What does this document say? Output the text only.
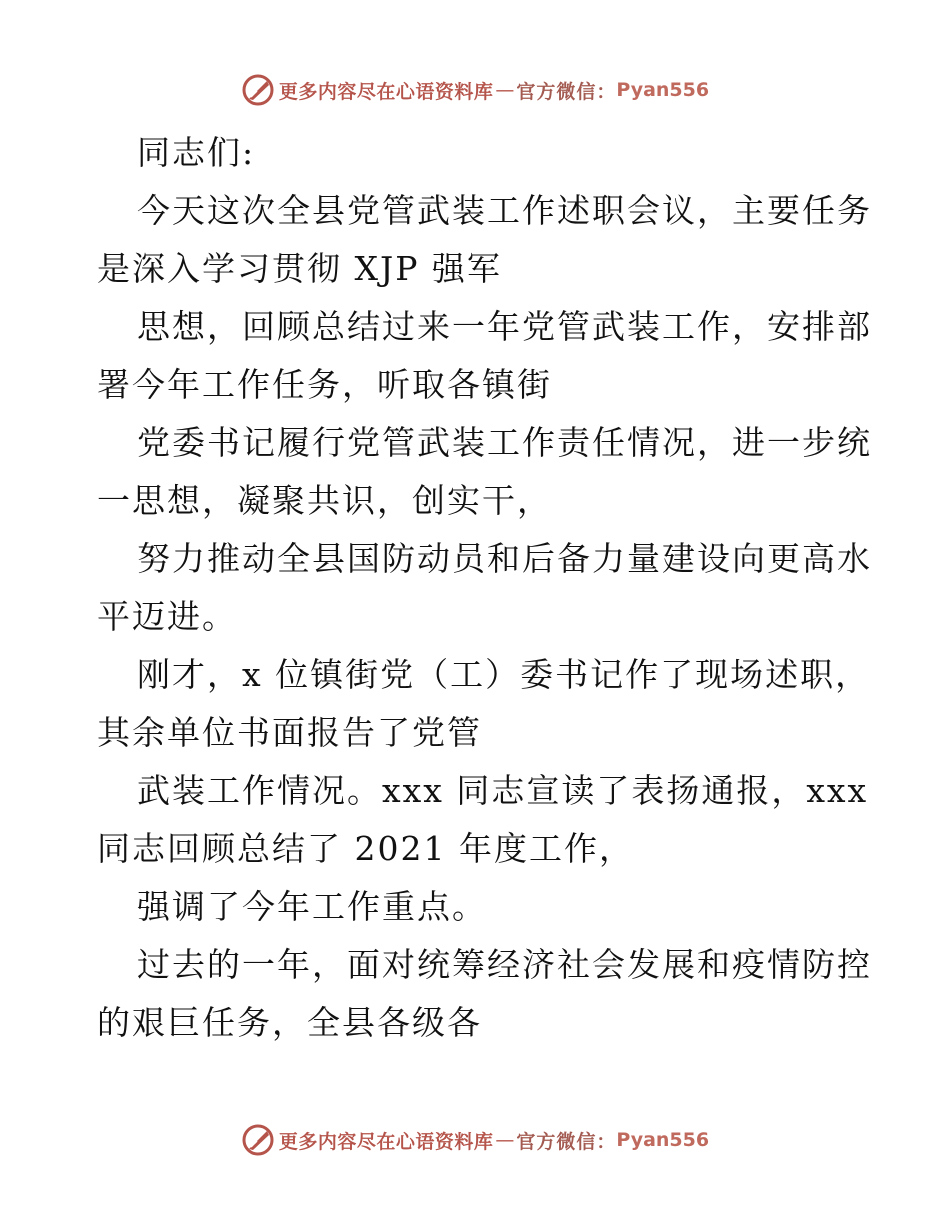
更多内容尽在心语资料库 — 官方微信： Pyan556
同志们:
今天这次全县党管武装工作述职会议，主要任务
是深入学习贯彻 XJP 强军
思想，回顾总结过来一年党管武装工作，安排部
署今年工作任务，听取各镇街
党委书记履行党管武装工作责任情况，进一步统
一思想，凝聚共识，创实干，
努力推动全县国防动员和后备力量建设向更高水
平迈进。
刚才，x 位镇街党（工）委书记作了现场述职，
其余单位书面报告了党管
武装工作情况。xxx 同志宣读了表扬通报，xxx
同志回顾总结了 2021 年度工作，
强调了今年工作重点。
过去的一年，面对统筹经济社会发展和疫情防控
的艰巨任务，全县各级各
更多内容尽在心语资料库 — 官方微信： Pyan556
